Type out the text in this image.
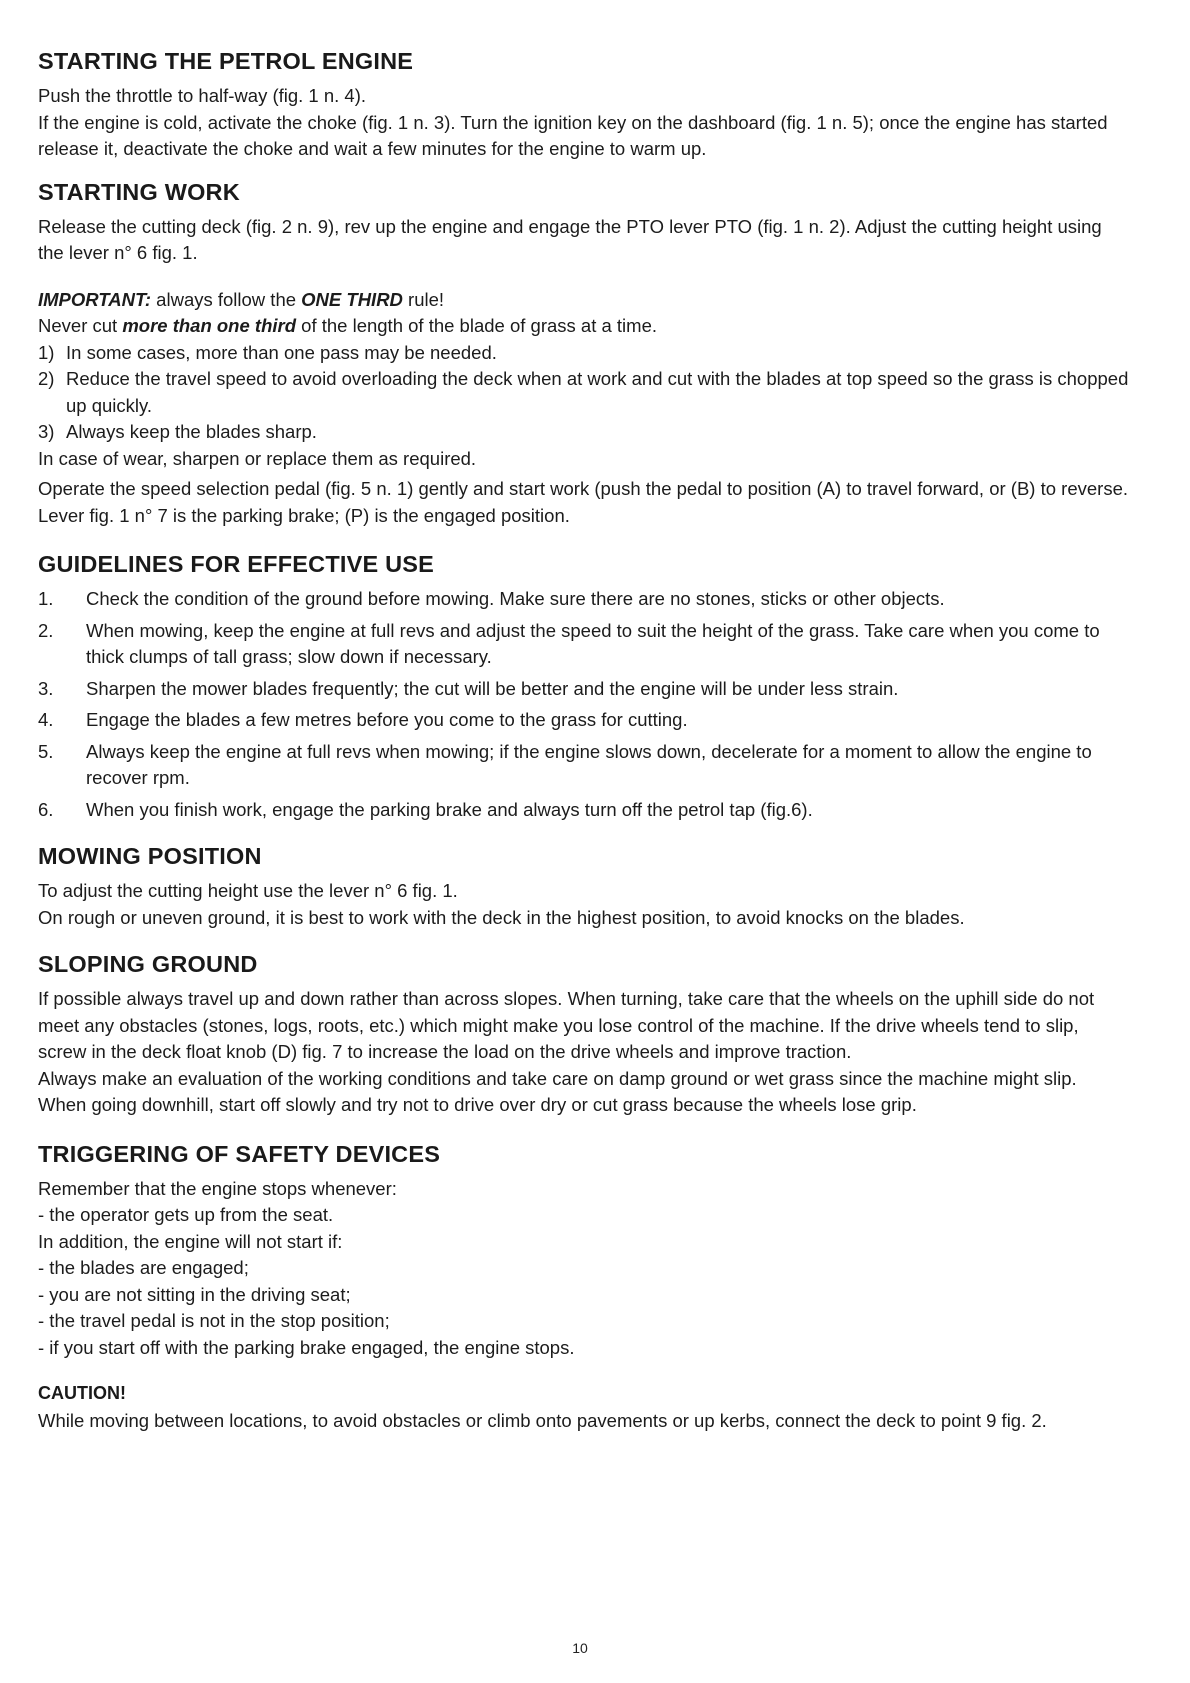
STARTING THE PETROL ENGINE

Push the throttle to half-way (fig. 1 n. 4).

If the engine is cold, activate the choke (fig. 1 n. 3). Turn the ignition key on the dashboard (fig. 1 n. 5); once the engine has started release it, deactivate the choke and wait a few minutes for the engine to warm up.

STARTING WORK

Release the cutting deck (fig. 2 n. 9), rev up the engine and engage the PTO lever PTO (fig. 1 n. 2). Adjust the cutting height using the lever n° 6 fig. 1.

IMPORTANT: always follow the ONE THIRD rule!

Never cut more than one third of the length of the blade of grass at a time.

1) In some cases, more than one pass may be needed.
2) Reduce the travel speed to avoid overloading the deck when at work and cut with the blades at top speed so the grass is chopped up quickly.
3) Always keep the blades sharp.

In case of wear, sharpen or replace them as required.

Operate the speed selection pedal (fig. 5 n. 1) gently and start work (push the pedal to position (A) to travel forward, or (B) to reverse.

Lever fig. 1 n° 7 is the parking brake; (P) is the engaged position.

GUIDELINES FOR EFFECTIVE USE
1.	Check the condition of the ground before mowing. Make sure there are no stones, sticks or other objects.
2.	When mowing, keep the engine at full revs and adjust the speed to suit the height of the grass. Take care when you come to thick clumps of tall grass; slow down if necessary.
3.	Sharpen the mower blades frequently; the cut will be better and the engine will be under less strain.
4.	Engage the blades a few metres before you come to the grass for cutting.
5.	Always keep the engine at full revs when mowing; if the engine slows down, decelerate for a moment to allow the engine to recover rpm.
6.	When you finish work, engage the parking brake and always turn off the petrol tap (fig.6).
MOWING POSITION

To adjust the cutting height use the lever n° 6 fig. 1.

On rough or uneven ground, it is best to work with the deck in the highest position, to avoid knocks on the blades.

SLOPING GROUND

If possible always travel up and down rather than across slopes. When turning, take care that the wheels on the uphill side do not meet any obstacles (stones, logs, roots, etc.) which might make you lose control of the machine. If the drive wheels tend to slip, screw in the deck float knob (D) fig. 7 to increase the load on the drive wheels and improve traction.

Always make an evaluation of the working conditions and take care on damp ground or wet grass since the machine might slip. When going downhill, start off slowly and try not to drive over dry or cut grass because the wheels lose grip.

TRIGGERING OF SAFETY DEVICES

Remember that the engine stops whenever:

- the operator gets up from the seat.

In addition, the engine will not start if:

- the blades are engaged;
- you are not sitting in the driving seat;
- the travel pedal is not in the stop position;
- if you start off with the parking brake engaged, the engine stops.
CAUTION!

While moving between locations, to avoid obstacles or climb onto pavements or up kerbs, connect the deck to point 9 fig. 2.

10
